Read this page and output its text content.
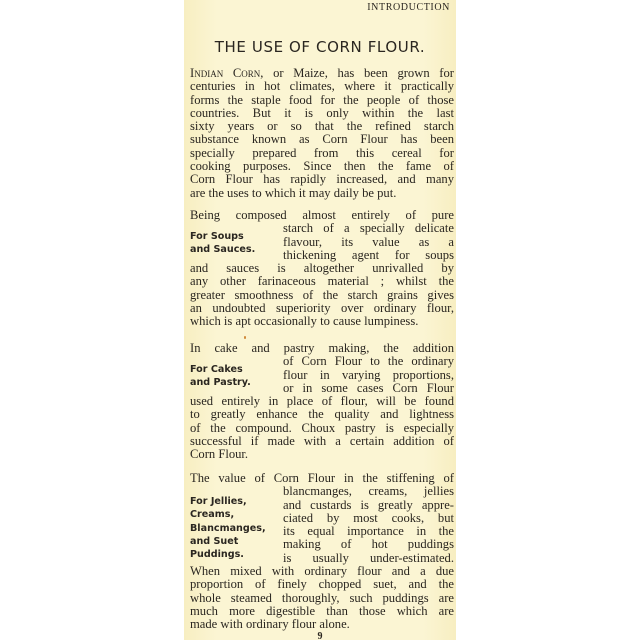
INTRODUCTION
THE USE OF CORN FLOUR.
Indian Corn, or Maize, has been grown for
centuries in hot climates, where it practically
forms the staple food for the people of those
countries. But it is only within the last
sixty years or so that the refined starch
substance known as Corn Flour has been
specially prepared from this cereal for
cooking purposes. Since then the fame of
Corn Flour has rapidly increased, and many
are the uses to which it may daily be put.
For Soups
and Sauces.
Being composed almost entirely of pure
starch of a specially delicate
flavour, its value as a
thickening agent for soups
and sauces is altogether unrivalled by
any other farinaceous material ; whilst the
greater smoothness of the starch grains gives
an undoubted superiority over ordinary flour,
which is apt occasionally to cause lumpiness.
For Cakes
and Pastry.
In cake and pastry making, the addition
of Corn Flour to the ordinary
flour in varying proportions,
or in some cases Corn Flour
used entirely in place of flour, will be found
to greatly enhance the quality and lightness
of the compound. Choux pastry is especially
successful if made with a certain addition of
Corn Flour.
For Jellies,
Creams,
Blancmanges,
and Suet
Puddings.
The value of Corn Flour in the stiffening of
blancmanges, creams, jellies
and custards is greatly appre-
ciated by most cooks, but
its equal importance in the
making of hot puddings
is usually under-estimated.
When mixed with ordinary flour and a due
proportion of finely chopped suet, and the
whole steamed thoroughly, such puddings are
much more digestible than those which are
made with ordinary flour alone.
9
